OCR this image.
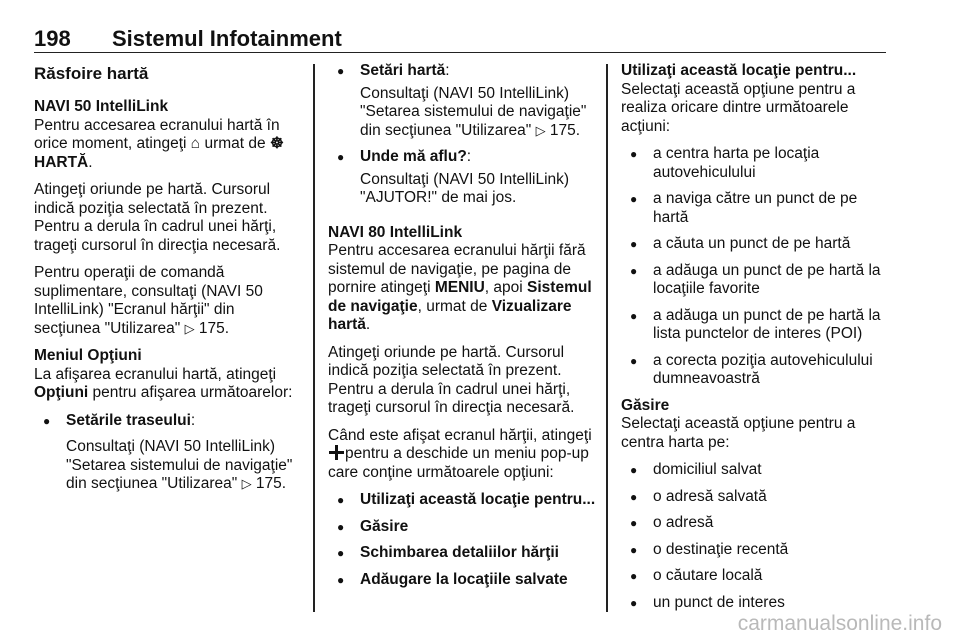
198 Sistemul Infotainment
Răsfoire hartă
NAVI 50 IntelliLink

Pentru accesarea ecranului hartă în orice moment, atingeţi ⌂ urmat de ☸HARTĂ.

Atingeţi oriunde pe hartă. Cursorul indică poziţia selectată în prezent. Pentru a derula în cadrul unei hărţi, trageţi cursorul în direcţia necesară.

Pentru operaţii de comandă suplimentare, consultaţi (NAVI 50 IntelliLink) "Ecranul hărţii" din secţiunea "Utilizarea" ▷ 175.

Meniul Opţiuni

La afişarea ecranului hartă, atingeţi Opţiuni pentru afişarea următoarelor:

● Setările traseului:
Consultaţi (NAVI 50 IntelliLink) "Setarea sistemului de navigaţie" din secţiunea "Utilizarea" ▷ 175.
● Setări hartă:
Consultaţi (NAVI 50 IntelliLink) "Setarea sistemului de navigaţie" din secţiunea "Utilizarea" ▷ 175.
● Unde mă aflu?:
Consultaţi (NAVI 50 IntelliLink) "AJUTOR!" de mai jos.
NAVI 80 IntelliLink

Pentru accesarea ecranului hărţii fără sistemul de navigaţie, pe pagina de pornire atingeţi MENIU, apoi Sistemul de navigaţie, urmat de Vizualizare hartă.

Atingeţi oriunde pe hartă. Cursorul indică poziţia selectată în prezent. Pentru a derula în cadrul unei hărţi, trageţi cursorul în direcţia necesară.

Când este afişat ecranul hărţii, atingeţipentru a deschide un meniu pop-up care conţine următoarele opţiuni:

● Utilizaţi această locaţie pentru...
● Găsire
● Schimbarea detaliilor hărţii
● Adăugare la locaţiile salvate
Utilizaţi această locaţie pentru...

Selectaţi această opţiune pentru a realiza oricare dintre următoarele acţiuni:

● a centra harta pe locaţia autovehiculului
● a naviga către un punct de pe hartă
● a căuta un punct de pe hartă
● a adăuga un punct de pe hartă la locaţiile favorite
● a adăuga un punct de pe hartă la lista punctelor de interes (POI)
● a corecta poziţia autovehiculului dumneavoastră
Găsire

Selectaţi această opţiune pentru a centra harta pe:

● domiciliul salvat
● o adresă salvată
● o adresă
● o destinaţie recentă
● o căutare locală
● un punct de interes
carmanualsonline.info
